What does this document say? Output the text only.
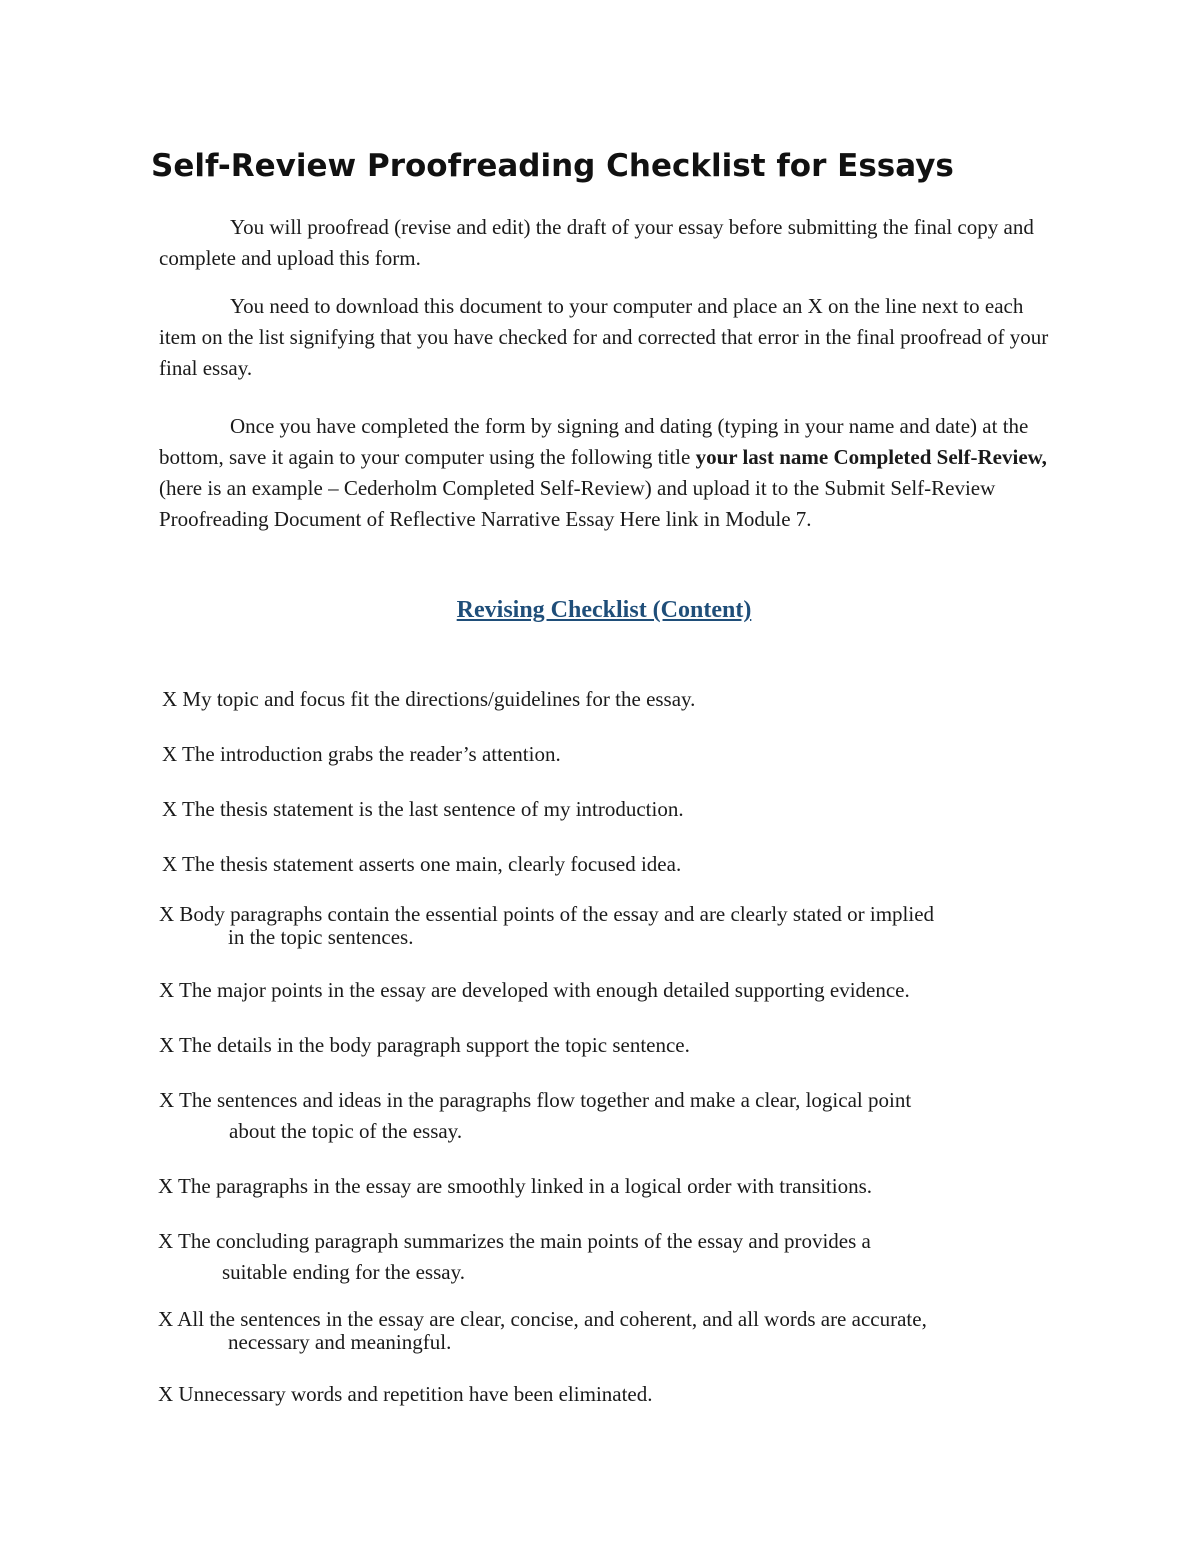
Self-Review Proofreading Checklist for Essays

You will proofread (revise and edit) the draft of your essay before submitting the final copy and complete and upload this form.

You need to download this document to your computer and place an X on the line next to each item on the list signifying that you have checked for and corrected that error in the final proofread of your final essay.

Once you have completed the form by signing and dating (typing in your name and date) at the bottom, save it again to your computer using the following title your last name Completed Self-Review, (here is an example – Cederholm Completed Self-Review) and upload it to the Submit Self-Review Proofreading Document of Reflective Narrative Essay Here link in Module 7.

Revising Checklist (Content)
X My topic and focus fit the directions/guidelines for the essay.
X The introduction grabs the reader’s attention.
X The thesis statement is the last sentence of my introduction.
X The thesis statement asserts one main, clearly focused idea.
X Body paragraphs contain the essential points of the essay and are clearly stated or implied
in the topic sentences.
X The major points in the essay are developed with enough detailed supporting evidence.
X The details in the body paragraph support the topic sentence.
X The sentences and ideas in the paragraphs flow together and make a clear, logical point
about the topic of the essay.
X The paragraphs in the essay are smoothly linked in a logical order with transitions.
X The concluding paragraph summarizes the main points of the essay and provides a
suitable ending for the essay.
X All the sentences in the essay are clear, concise, and coherent, and all words are accurate,
necessary and meaningful.
X Unnecessary words and repetition have been eliminated.
